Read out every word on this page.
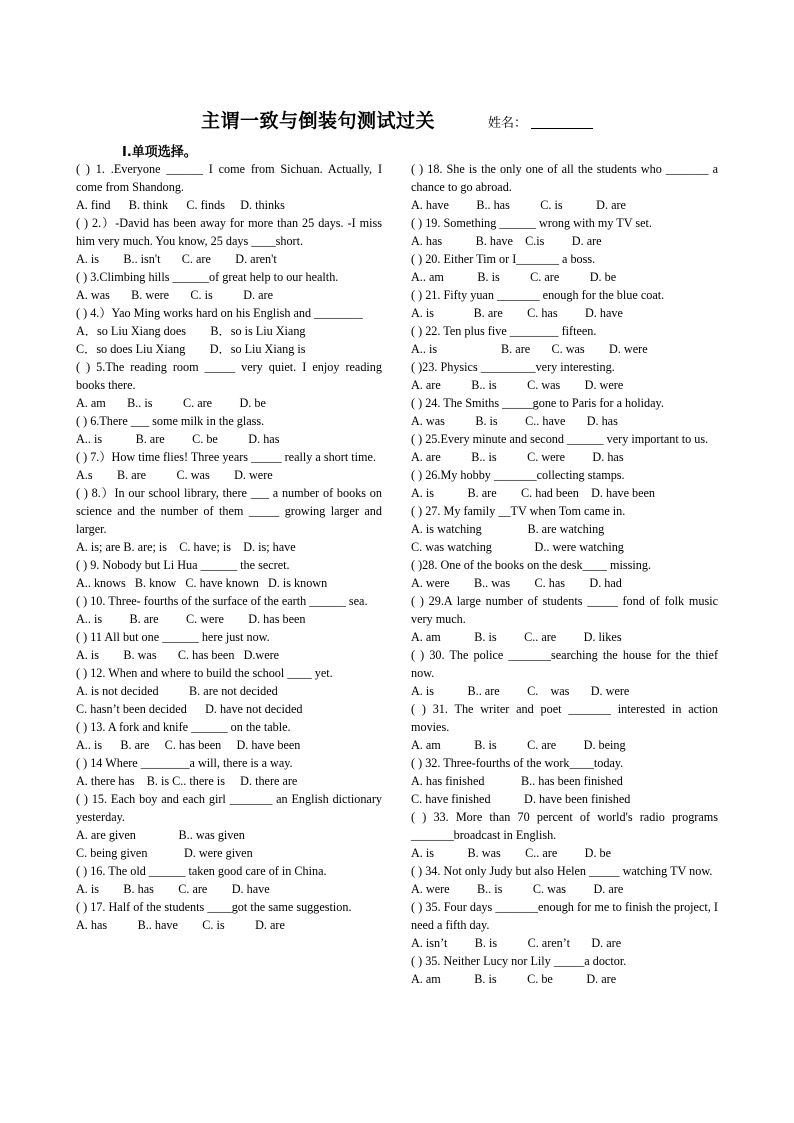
主谓一致与倒装句测试过关	姓名：
I.单项选择。
( ) 1. .Everyone ______ I come from Sichuan. Actually, I come from Shandong.
A. find      B. think      C. finds     D. thinks
( ) 2.）-David has been away for more than 25 days. -I miss him very much. You know, 25 days ____short.
A. is        B.. isn't       C. are        D. aren't
( ) 3.Climbing hills ______of great help to our health.
A. was       B. were       C. is          D. are
( ) 4.）Yao Ming works hard on his English and ________
A．so Liu Xiang does        B．so is Liu Xiang
C．so does Liu Xiang        D．so Liu Xiang is
( ) 5.The reading room _____ very quiet. I enjoy reading books there.
A. am       B.. is          C. are         D. be
( ) 6.There ___ some milk in the glass.
A.. is           B. are         C. be          D. has
( ) 7.）How time flies! Three years _____ really a short time.
A.s        B. are          C. was        D. were
( ) 8.）In our school library, there ___ a number of books on science and the number of them _____ growing larger and larger.
A. is; are B. are; is    C. have; is    D. is; have
( ) 9. Nobody but Li Hua ______ the secret.
A.. knows   B. know   C. have known   D. is known
( ) 10. Three- fourths of the surface of the earth ______ sea.
A.. is         B. are         C. were        D. has been
( ) 11 All but one ______ here just now.
A. is        B. was       C. has been   D.were
( ) 12. When and where to build the school ____ yet.
A. is not decided          B. are not decided
C. hasn’t been decided      D. have not decided
( ) 13. A fork and knife ______ on the table.
A.. is      B. are     C. has been     D. have been
( ) 14 Where ________a will, there is a way.
A. there has    B. is C.. there is     D. there are
( ) 15. Each boy and each girl _______ an English dictionary yesterday.
A. are given              B.. was given
C. being given            D. were given
( ) 16. The old ______ taken good care of in China.
A. is        B. has        C. are        D. have
( ) 17. Half of the students ____got the same suggestion.
A. has          B.. have        C. is          D. are
( ) 18. She is the only one of all the students who _______ a chance to go abroad.
A. have         B.. has          C. is           D. are
( ) 19. Something ______ wrong with my TV set.
A. has           B. have    C.is         D. are
( ) 20. Either Tim or I_______ a boss.
A.. am           B. is          C. are          D. be
( ) 21. Fifty yuan _______ enough for the blue coat.
A. is             B. are        C. has         D. have
( ) 22. Ten plus five ________ fifteen.
A.. is                     B. are       C. was        D. were
( )23. Physics _________very interesting.
A. are          B.. is          C. was        D. were
( ) 24. The Smiths _____gone to Paris for a holiday.
A. was          B. is         C.. have       D. has
( ) 25.Every minute and second ______ very important to us.
A. are          B.. is          C. were         D. has
( ) 26.My hobby _______collecting stamps.
A. is           B. are        C. had been    D. have been
( ) 27. My family __TV when Tom came in.
A. is watching               B. are watching
C. was watching              D.. were watching
( )28. One of the books on the desk____ missing.
A. were        B.. was        C. has        D. had
( ) 29.A large number of students _____ fond of folk music very much.
A. am           B. is         C.. are         D. likes
( ) 30. The police _______searching the house for the thief now.
A. is           B.. are         C.    was       D. were
( ) 31. The writer and poet _______ interested in action movies.
A. am           B. is          C. are         D. being
( ) 32. Three-fourths of the work____today.
A. has finished            B.. has been finished
C. have finished           D. have been finished
( ) 33. More than 70 percent of world's radio programs _______broadcast in English.
A. is           B. was        C.. are         D. be
( ) 34. Not only Judy but also Helen _____ watching TV now.
A. were         B.. is          C. was         D. are
( ) 35. Four days _______enough for me to finish the project, I need a fifth day.
A. isn’t         B. is          C. aren’t       D. are
( ) 35. Neither Lucy nor Lily _____a doctor.
A. am           B. is          C. be           D. are
